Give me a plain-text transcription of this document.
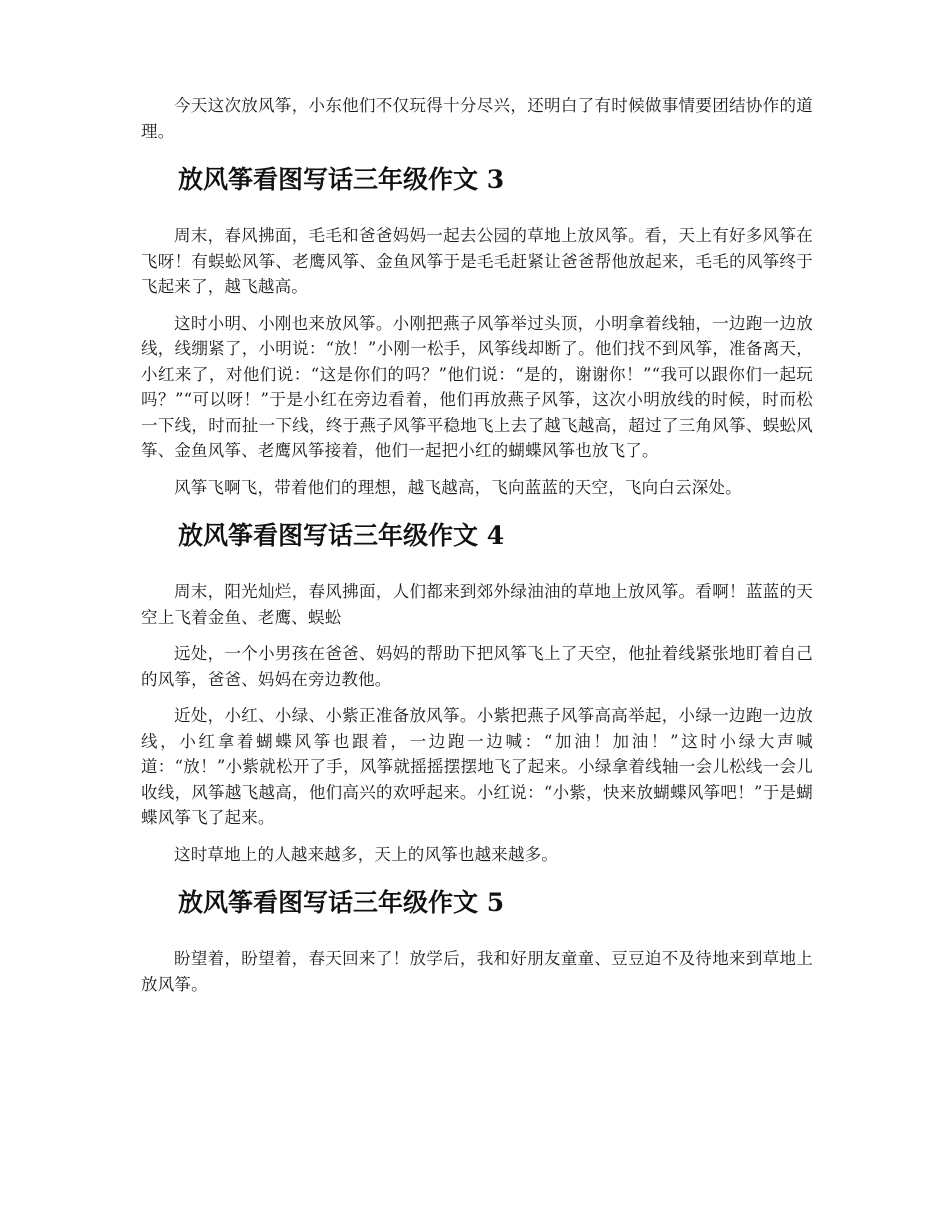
今天这次放风筝，小东他们不仅玩得十分尽兴，还明白了有时候做事情要团结协作的道理。

放风筝看图写话三年级作文 3

周末，春风拂面，毛毛和爸爸妈妈一起去公园的草地上放风筝。看，天上有好多风筝在飞呀！有蜈蚣风筝、老鹰风筝、金鱼风筝于是毛毛赶紧让爸爸帮他放起来，毛毛的风筝终于飞起来了，越飞越高。

这时小明、小刚也来放风筝。小刚把燕子风筝举过头顶，小明拿着线轴，一边跑一边放线，线绷紧了，小明说：“放！”小刚一松手，风筝线却断了。他们找不到风筝，准备离天，小红来了，对他们说：“这是你们的吗？”他们说：“是的，谢谢你！”“我可以跟你们一起玩吗？”“可以呀！”于是小红在旁边看着，他们再放燕子风筝，这次小明放线的时候，时而松一下线，时而扯一下线，终于燕子风筝平稳地飞上去了越飞越高，超过了三角风筝、蜈蚣风筝、金鱼风筝、老鹰风筝接着，他们一起把小红的蝴蝶风筝也放飞了。

风筝飞啊飞，带着他们的理想，越飞越高，飞向蓝蓝的天空，飞向白云深处。

放风筝看图写话三年级作文 4

周末，阳光灿烂，春风拂面，人们都来到郊外绿油油的草地上放风筝。看啊！蓝蓝的天空上飞着金鱼、老鹰、蜈蚣

远处，一个小男孩在爸爸、妈妈的帮助下把风筝飞上了天空，他扯着线紧张地盯着自己的风筝，爸爸、妈妈在旁边教他。

近处，小红、小绿、小紫正准备放风筝。小紫把燕子风筝高高举起，小绿一边跑一边放线，小红拿着蝴蝶风筝也跟着，一边跑一边喊：“加油！加油！”这时小绿大声喊道：“放！”小紫就松开了手，风筝就摇摇摆摆地飞了起来。小绿拿着线轴一会儿松线一会儿收线，风筝越飞越高，他们高兴的欢呼起来。小红说：“小紫，快来放蝴蝶风筝吧！”于是蝴蝶风筝飞了起来。

这时草地上的人越来越多，天上的风筝也越来越多。

放风筝看图写话三年级作文 5

盼望着，盼望着，春天回来了！放学后，我和好朋友童童、豆豆迫不及待地来到草地上放风筝。
